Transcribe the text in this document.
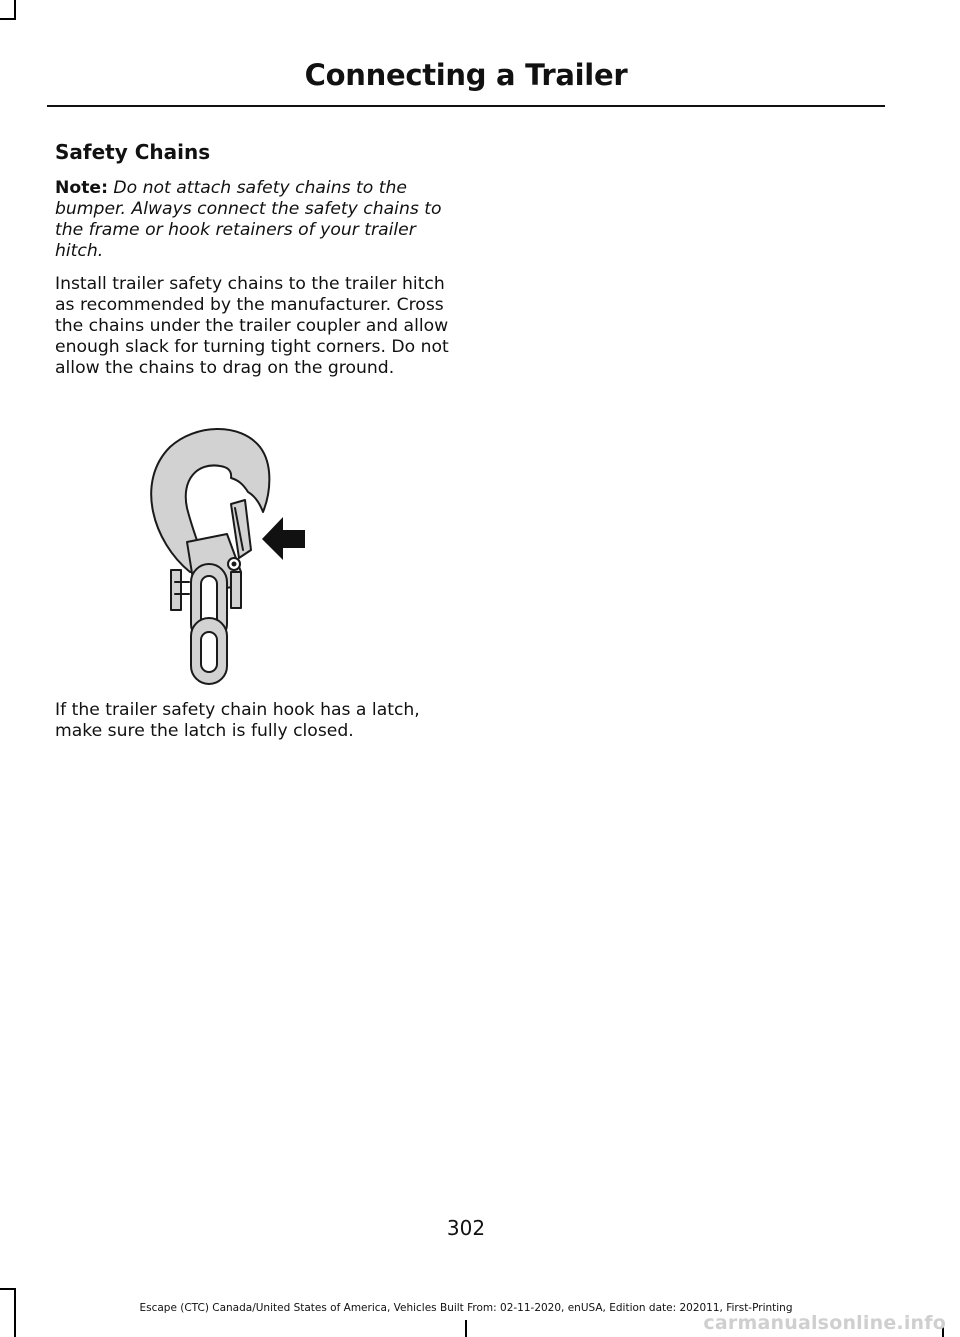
Connecting a Trailer
Safety Chains

Note: Do not attach safety chains to the bumper. Always connect the safety chains to the frame or hook retainers of your trailer hitch.

Install trailer safety chains to the trailer hitch as recommended by the manufacturer. Cross the chains under the trailer coupler and allow enough slack for turning tight corners. Do not allow the chains to drag on the ground.

If the trailer safety chain hook has a latch, make sure the latch is fully closed.

302
Escape (CTC) Canada/United States of America, Vehicles Built From: 02-11-2020, enUSA, Edition date: 202011, First-Printing
carmanualsonline.info
